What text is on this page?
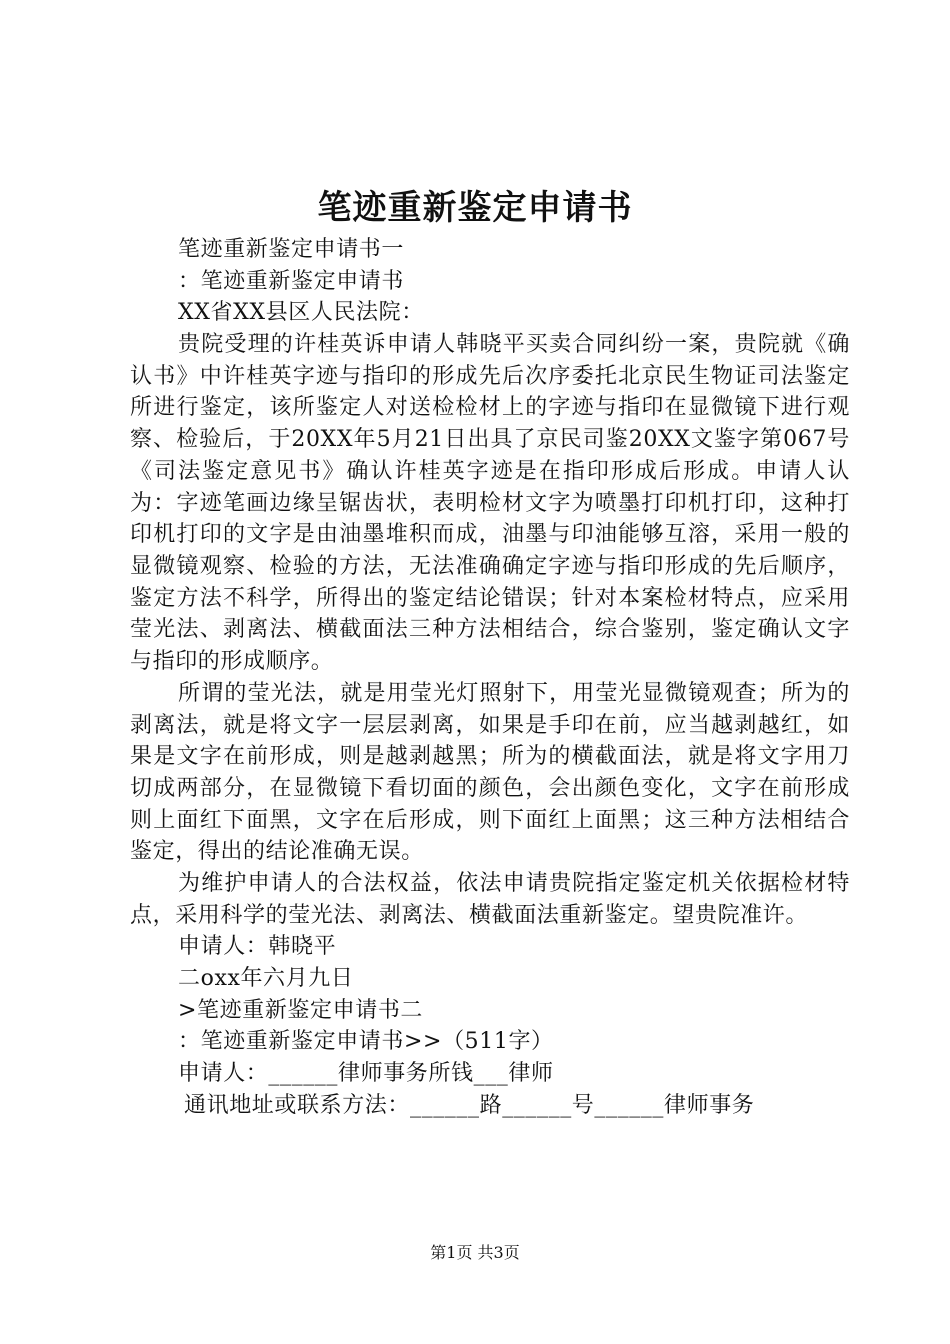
笔迹重新鉴定申请书
笔迹重新鉴定申请书一
：笔迹重新鉴定申请书
XX省XX县区人民法院：

贵院受理的许桂英诉申请人韩晓平买卖合同纠纷一案，贵院就《确认书》中许桂英字迹与指印的形成先后次序委托北京民生物证司法鉴定所进行鉴定，该所鉴定人对送检检材上的字迹与指印在显微镜下进行观察、检验后，于20XX年5月21日出具了京民司鉴20XX文鉴字第067号《司法鉴定意见书》确认许桂英字迹是在指印形成后形成。申请人认为：字迹笔画边缘呈锯齿状，表明检材文字为喷墨打印机打印，这种打印机打印的文字是由油墨堆积而成，油墨与印油能够互溶，采用一般的显微镜观察、检验的方法，无法准确确定字迹与指印形成的先后顺序，鉴定方法不科学，所得出的鉴定结论错误；针对本案检材特点，应采用莹光法、剥离法、横截面法三种方法相结合，综合鉴别，鉴定确认文字与指印的形成顺序。

所谓的莹光法，就是用莹光灯照射下，用莹光显微镜观查；所为的剥离法，就是将文字一层层剥离，如果是手印在前，应当越剥越红，如果是文字在前形成，则是越剥越黑；所为的横截面法，就是将文字用刀切成两部分，在显微镜下看切面的颜色，会出颜色变化，文字在前形成则上面红下面黑，文字在后形成，则下面红上面黑；这三种方法相结合鉴定，得出的结论准确无误。

为维护申请人的合法权益，依法申请贵院指定鉴定机关依据检材特点，采用科学的莹光法、剥离法、横截面法重新鉴定。望贵院准许。

申请人：韩晓平
二oxx年六月九日
>笔迹重新鉴定申请书二
：笔迹重新鉴定申请书>>（511字）
申请人：______律师事务所钱___律师
通讯地址或联系方法：______路______号______律师事务
第1页 共3页
